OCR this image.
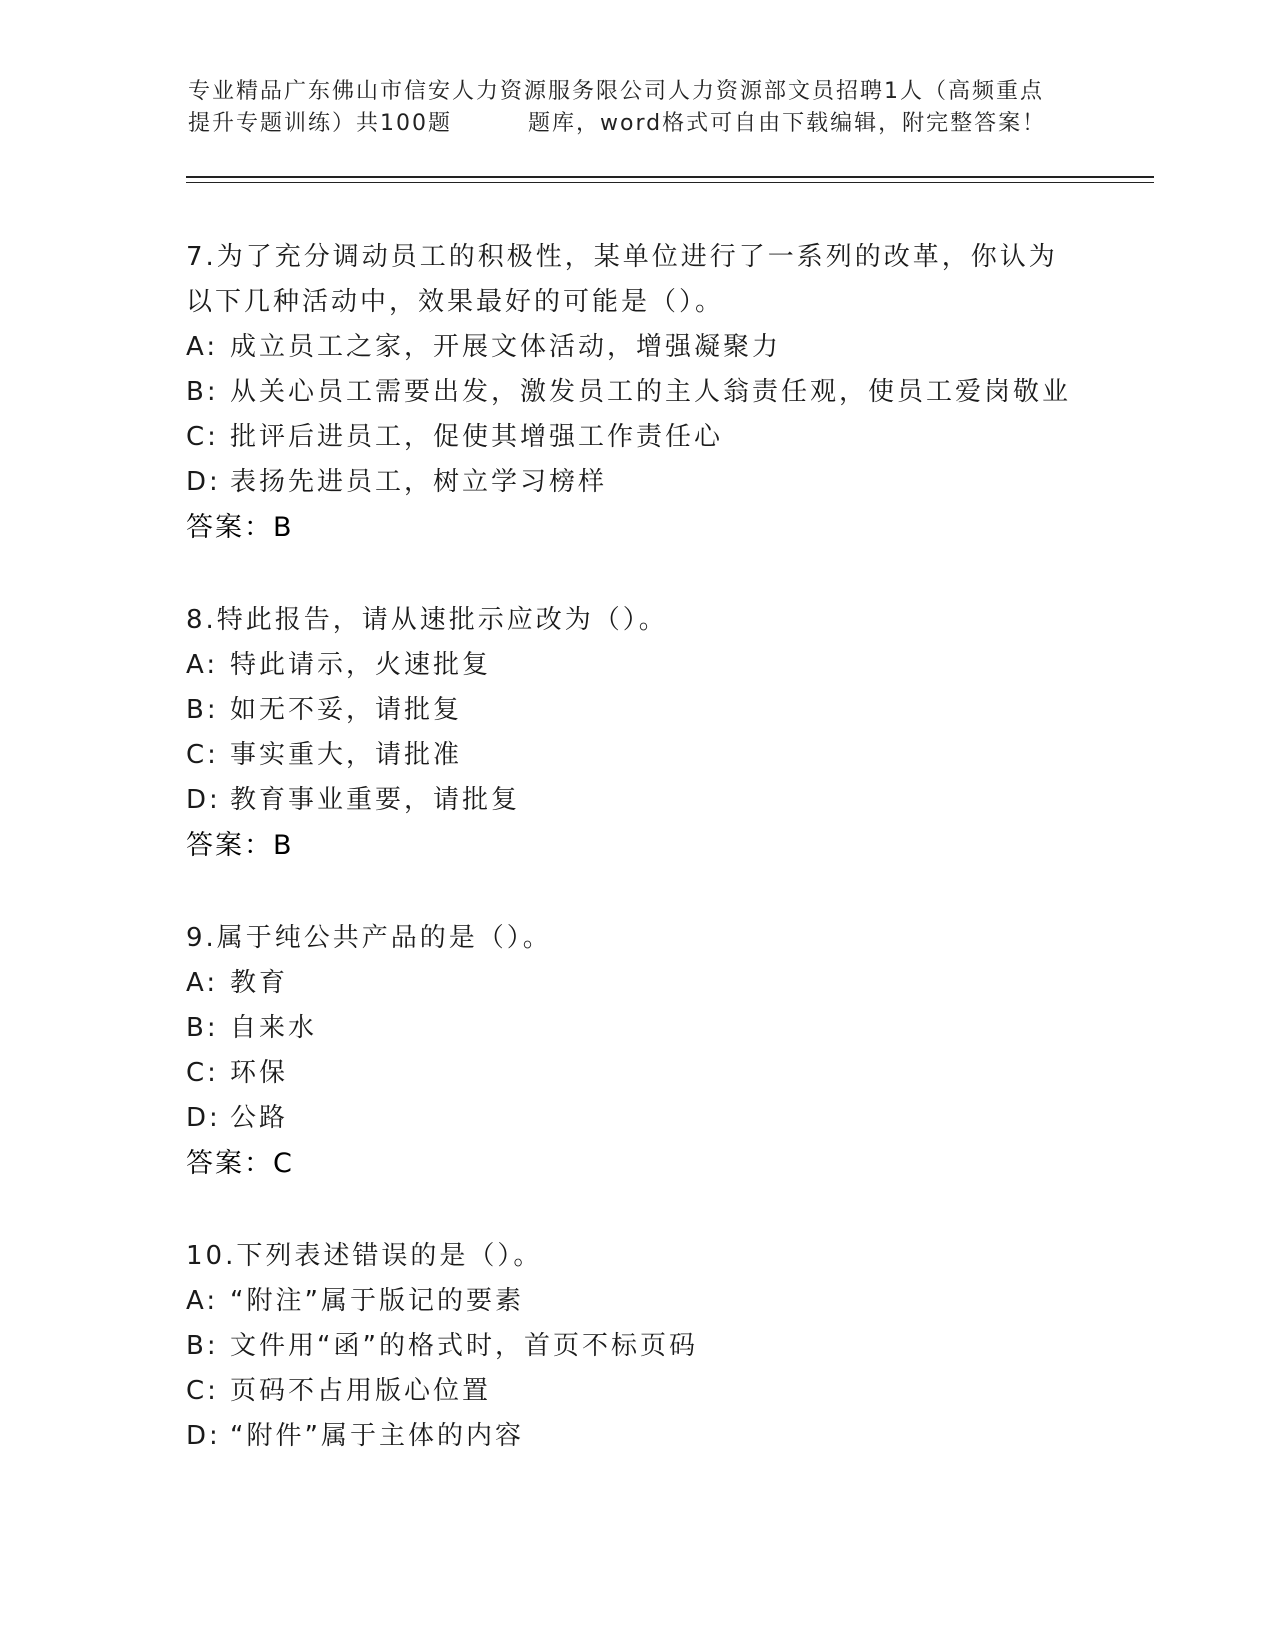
专业精品广东佛山市信安人力资源服务限公司人力资源部文员招聘1人（高频重点
提升专题训练）共100题	题库，word格式可自由下载编辑，附完整答案！
7.为了充分调动员工的积极性，某单位进行了一系列的改革，你认为
以下几种活动中，效果最好的可能是（）。
A: 成立员工之家，开展文体活动，增强凝聚力
B: 从关心员工需要出发，激发员工的主人翁责任观，使员工爱岗敬业
C: 批评后进员工，促使其增强工作责任心
D: 表扬先进员工，树立学习榜样
答案：B
8.特此报告，请从速批示应改为（）。
A: 特此请示，火速批复
B: 如无不妥，请批复
C: 事实重大，请批准
D: 教育事业重要，请批复
答案：B
9.属于纯公共产品的是（）。
A: 教育
B: 自来水
C: 环保
D: 公路
答案：C
10.下列表述错误的是（）。
A: “附注”属于版记的要素
B: 文件用“函”的格式时，首页不标页码
C: 页码不占用版心位置
D: “附件”属于主体的内容
